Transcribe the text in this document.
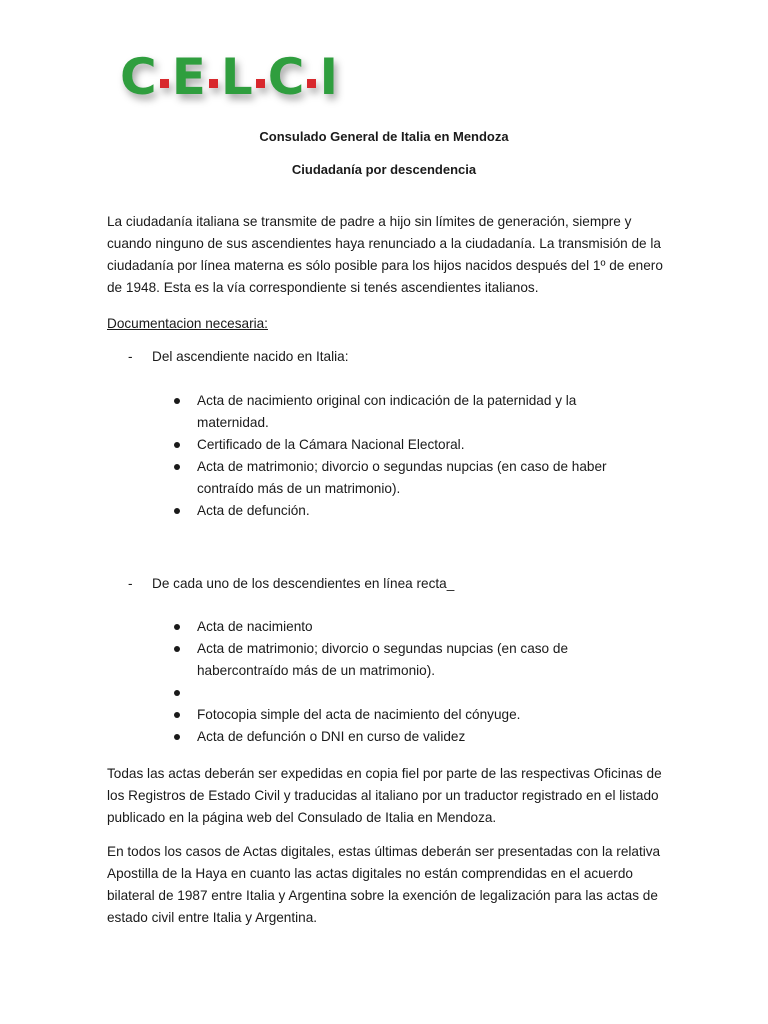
C E L C I
Consulado General de Italia en Mendoza
Ciudadanía por descendencia

La ciudadanía italiana se transmite de padre a hijo sin límites de generación, siempre y cuando ninguno de sus ascendientes haya renunciado a la ciudadanía. La transmisión de la ciudadanía por línea materna es sólo posible para los hijos nacidos después del 1º de enero de 1948. Esta es la vía correspondiente si tenés ascendientes italianos.

Documentacion necesaria:
- Del ascendiente nacido en Italia:
Acta de nacimiento original con indicación de la paternidad y la maternidad.
Certificado de la Cámara Nacional Electoral.
Acta de matrimonio; divorcio o segundas nupcias (en caso de haber contraído más de un matrimonio).
Acta de defunción.
- De cada uno de los descendientes en línea recta_
Acta de nacimiento
Acta de matrimonio; divorcio o segundas nupcias (en caso de habercontraído más de un matrimonio).
Fotocopia simple del acta de nacimiento del cónyuge.
Acta de defunción o DNI en curso de validez

Todas las actas deberán ser expedidas en copia fiel por parte de las respectivas Oficinas de los Registros de Estado Civil y traducidas al italiano por un traductor registrado en el listado publicado en la página web del Consulado de Italia en Mendoza.

En todos los casos de Actas digitales, estas últimas deberán ser presentadas con la relativa Apostilla de la Haya en cuanto las actas digitales no están comprendidas en el acuerdo bilateral de 1987 entre Italia y Argentina sobre la exención de legalización para las actas de estado civil entre Italia y Argentina.
